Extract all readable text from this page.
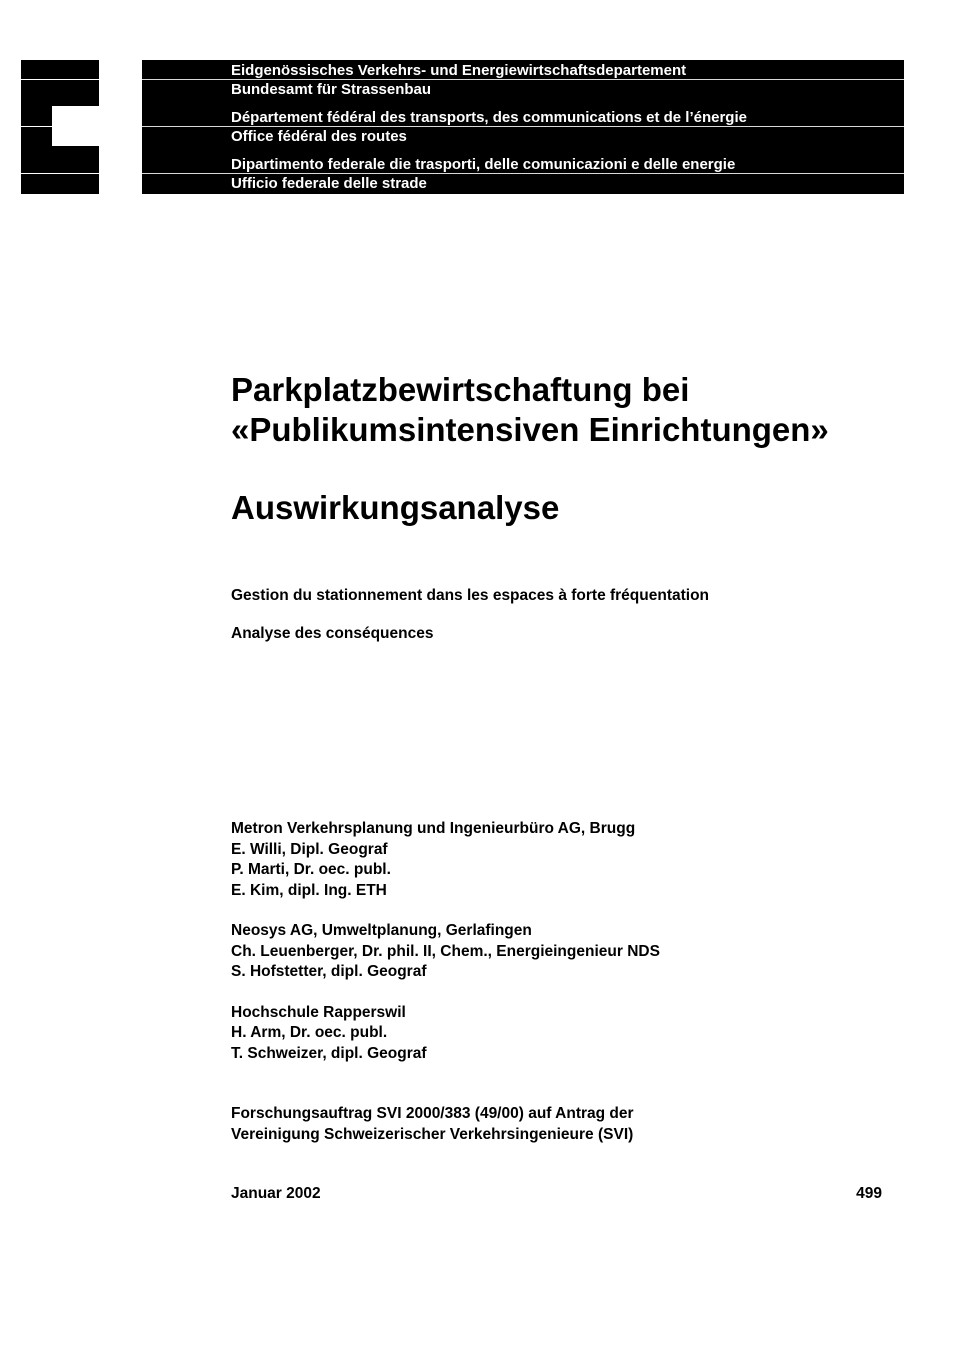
Eidgenössisches Verkehrs- und Energiewirtschaftsdepartement
Bundesamt für Strassenbau
Département fédéral des transports, des communications et de l’énergie
Office fédéral des routes
Dipartimento federale die trasporti, delle comunicazioni e delle energie
Ufficio federale delle strade
Parkplatzbewirtschaftung bei
«Publikumsintensiven Einrichtungen»
Auswirkungsanalyse
Gestion du stationnement dans les espaces à forte fréquentation
Analyse des conséquences
Metron Verkehrsplanung und Ingenieurbüro AG, Brugg
E. Willi, Dipl. Geograf
P. Marti, Dr. oec. publ.
E. Kim, dipl. Ing. ETH
Neosys AG, Umweltplanung, Gerlafingen
Ch. Leuenberger, Dr. phil. II, Chem., Energieingenieur NDS
S. Hofstetter, dipl. Geograf
Hochschule Rapperswil
H. Arm, Dr. oec. publ.
T. Schweizer, dipl. Geograf
Forschungsauftrag SVI 2000/383 (49/00) auf Antrag der
Vereinigung Schweizerischer Verkehrsingenieure (SVI)
Januar 2002	499
